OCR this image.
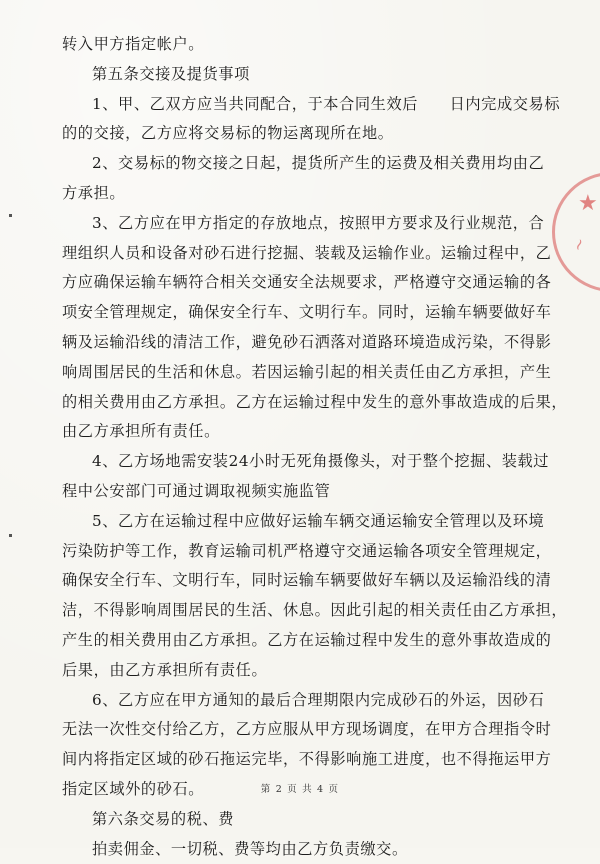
★
~
转入甲方指定帐户。
第五条交接及提货事项
1、甲、乙双方应当共同配合，于本合同生效后　　日内完成交易标
的的交接，乙方应将交易标的物运离现所在地。
2、交易标的物交接之日起，提货所产生的运费及相关费用均由乙
方承担。
3、乙方应在甲方指定的存放地点，按照甲方要求及行业规范，合
理组织人员和设备对砂石进行挖掘、装载及运输作业。运输过程中，乙
方应确保运输车辆符合相关交通安全法规要求，严格遵守交通运输的各
项安全管理规定，确保安全行车、文明行车。同时，运输车辆要做好车
辆及运输沿线的清洁工作，避免砂石洒落对道路环境造成污染，不得影
响周围居民的生活和休息。若因运输引起的相关责任由乙方承担，产生
的相关费用由乙方承担。乙方在运输过程中发生的意外事故造成的后果，
由乙方承担所有责任。
4、乙方场地需安装24小时无死角摄像头，对于整个挖掘、装载过
程中公安部门可通过调取视频实施监管
5、乙方在运输过程中应做好运输车辆交通运输安全管理以及环境
污染防护等工作，教育运输司机严格遵守交通运输各项安全管理规定，
确保安全行车、文明行车，同时运输车辆要做好车辆以及运输沿线的清
洁，不得影响周围居民的生活、休息。因此引起的相关责任由乙方承担，
产生的相关费用由乙方承担。乙方在运输过程中发生的意外事故造成的
后果，由乙方承担所有责任。
6、乙方应在甲方通知的最后合理期限内完成砂石的外运，因砂石
无法一次性交付给乙方，乙方应服从甲方现场调度，在甲方合理指令时
间内将指定区域的砂石拖运完毕，不得影响施工进度，也不得拖运甲方
指定区域外的砂石。
第六条交易的税、费
拍卖佣金、一切税、费等均由乙方负责缴交。
第 2 页 共 4 页
